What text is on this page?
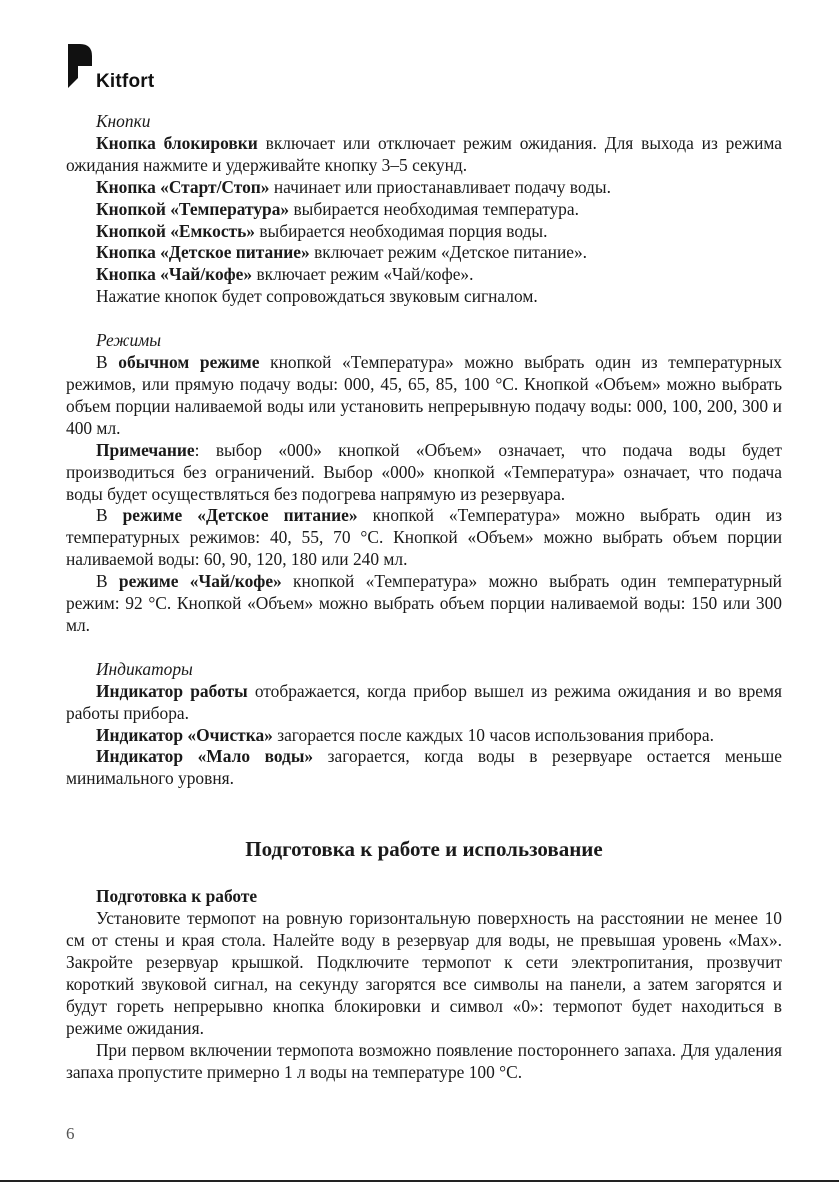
Kitfort

Кнопки

Кнопка блокировки включает или отключает режим ожидания. Для выхода из режима ожидания нажмите и удерживайте кнопку 3–5 секунд.

Кнопка «Старт/Стоп» начинает или приостанавливает подачу воды.

Кнопкой «Температура» выбирается необходимая температура.

Кнопкой «Емкость» выбирается необходимая порция воды.

Кнопка «Детское питание» включает режим «Детское питание».

Кнопка «Чай/кофе» включает режим «Чай/кофе».

Нажатие кнопок будет сопровождаться звуковым сигналом.

Режимы

В обычном режиме кнопкой «Температура» можно выбрать один из температурных режимов, или прямую подачу воды: 000, 45, 65, 85, 100 °С. Кнопкой «Объем» можно выбрать объем порции наливаемой воды или установить непрерывную подачу воды: 000, 100, 200, 300 и 400 мл.

Примечание: выбор «000» кнопкой «Объем» означает, что подача воды будет производиться без ограничений. Выбор «000» кнопкой «Температура» означает, что подача воды будет осуществляться без подогрева напрямую из резервуара.

В режиме «Детское питание» кнопкой «Температура» можно выбрать один из температурных режимов: 40, 55, 70 °С. Кнопкой «Объем» можно выбрать объем порции наливаемой воды: 60, 90, 120, 180 или 240 мл.

В режиме «Чай/кофе» кнопкой «Температура» можно выбрать один температурный режим: 92 °С. Кнопкой «Объем» можно выбрать объем порции наливаемой воды: 150 или 300 мл.

Индикаторы

Индикатор работы отображается, когда прибор вышел из режима ожидания и во время работы прибора.

Индикатор «Очистка» загорается после каждых 10 часов использования прибора.

Индикатор «Мало воды» загорается, когда воды в резервуаре остается меньше минимального уровня.

Подготовка к работе и использование

Подготовка к работе

Установите термопот на ровную горизонтальную поверхность на расстоянии не менее 10 см от стены и края стола. Налейте воду в резервуар для воды, не превышая уровень «Max». Закройте резервуар крышкой. Подключите термопот к сети электропитания, прозвучит короткий звуковой сигнал, на секунду загорятся все символы на панели, а затем загорятся и будут гореть непрерывно кнопка блокировки и символ «0»: термопот будет находиться в режиме ожидания.

При первом включении термопота возможно появление постороннего запаха. Для удаления запаха пропустите примерно 1 л воды на температуре 100 °С.

6
